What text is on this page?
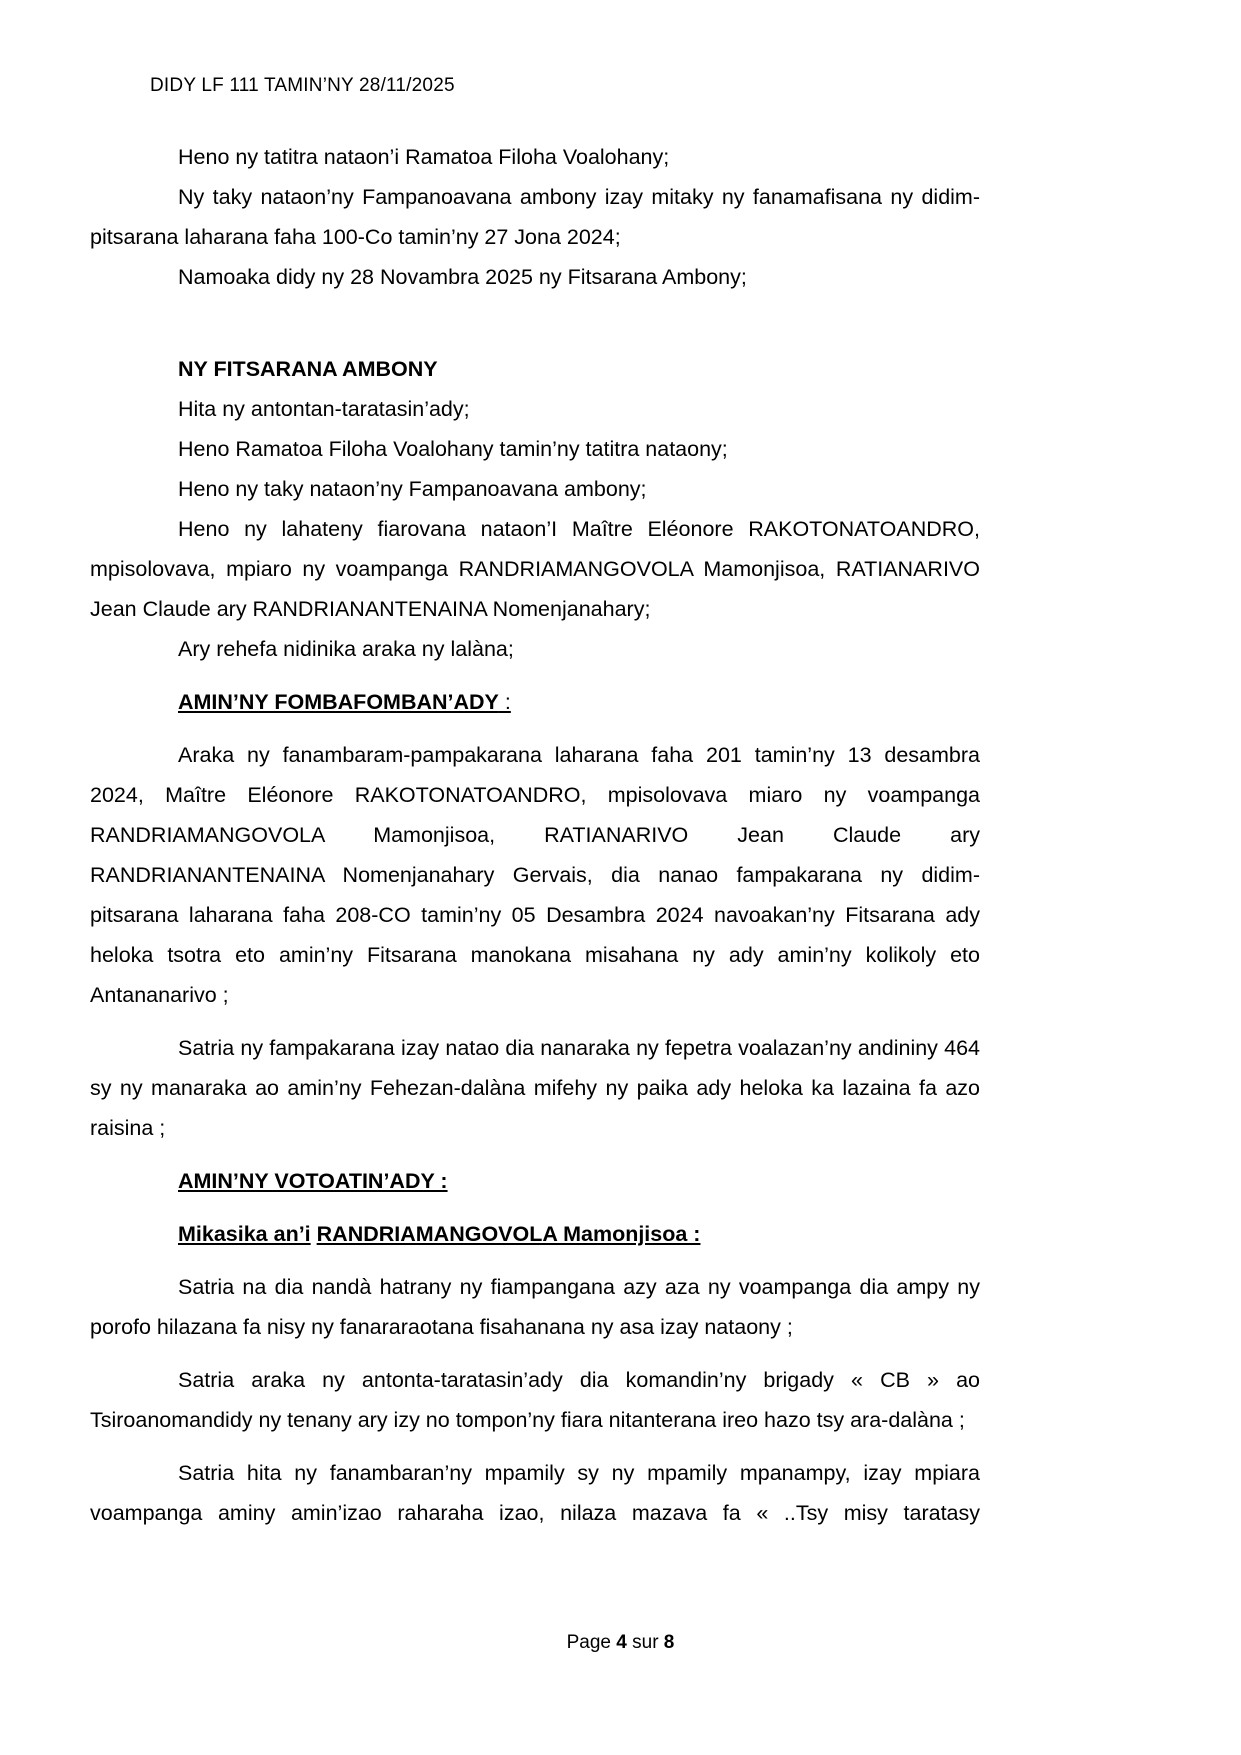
DIDY LF 111 TAMIN’NY 28/11/2025

Heno ny tatitra nataon’i Ramatoa Filoha Voalohany;

Ny taky nataon’ny Fampanoavana ambony izay mitaky ny fanamafisana ny didim-pitsarana laharana faha 100-Co tamin’ny 27 Jona 2024;

Namoaka didy ny 28 Novambra 2025 ny Fitsarana Ambony;

NY FITSARANA AMBONY

Hita ny antontan-taratasin’ady;

Heno Ramatoa Filoha Voalohany tamin’ny tatitra nataony;

Heno ny taky nataon’ny Fampanoavana ambony;

Heno ny lahateny fiarovana nataon’I Maître Eléonore RAKOTONATOANDRO, mpisolovava, mpiaro ny voampanga RANDRIAMANGOVOLA Mamonjisoa, RATIANARIVO Jean Claude ary RANDRIANANTENAINA Nomenjanahary;

Ary rehefa nidinika araka ny lalàna;

AMIN’NY FOMBAFOMBAN’ADY :

Araka ny fanambaram-pampakarana laharana faha 201 tamin’ny 13 desambra 2024, Maître Eléonore RAKOTONATOANDRO, mpisolovava miaro ny voampanga RANDRIAMANGOVOLA Mamonjisoa, RATIANARIVO Jean Claude ary RANDRIANANTENAINA Nomenjanahary Gervais, dia nanao fampakarana ny didim-pitsarana laharana faha 208-CO tamin’ny 05 Desambra 2024 navoakan’ny Fitsarana ady heloka tsotra eto amin’ny Fitsarana manokana misahana ny ady amin’ny kolikoly eto Antananarivo ;

Satria ny fampakarana izay natao dia nanaraka ny fepetra voalazan’ny andininy 464 sy ny manaraka ao amin’ny Fehezan-dalàna mifehy ny paika ady heloka ka lazaina fa azo raisina ;

AMIN’NY VOTOATIN’ADY :

Mikasika an’i RANDRIAMANGOVOLA Mamonjisoa :

Satria na dia nandà hatrany ny fiampangana azy aza ny voampanga dia ampy ny porofo hilazana fa nisy ny fanararaotana fisahanana ny asa izay nataony ;

Satria araka ny antonta-taratasin’ady dia komandin’ny brigady « CB » ao Tsiroanomandidy ny tenany ary izy no tompon’ny fiara nitanterana ireo hazo tsy ara-dalàna ;

Satria hita ny fanambaran’ny mpamily sy ny mpamily mpanampy, izay mpiara voampanga aminy amin’izao raharaha izao, nilaza mazava fa « ..Tsy misy taratasy

Page 4 sur 8
